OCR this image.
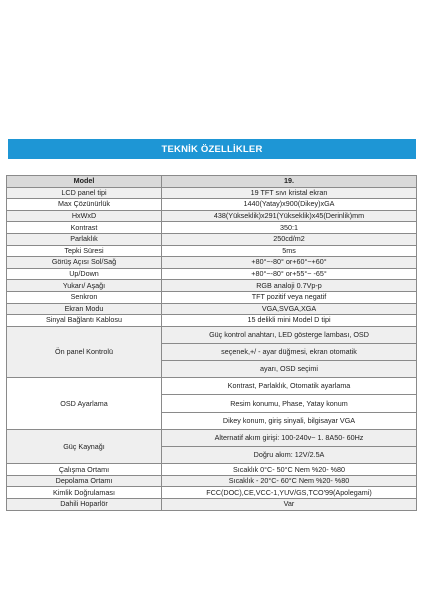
TEKNİK ÖZELLİKLER
Model	19.
LCD panel tipi	19 TFT sıvı kristal ekran
Max Çözünürlük	1440(Yatay)x900(Dikey)xGA
HxWxD	438(Yükseklik)x291(Yükseklik)x45(Derinlik)mm
Kontrast	350:1
Parlaklık	250cd/m2
Tepki Süresi	5ms
Görüş Açısı Sol/Sağ	+80°~-80° or+60°~+60°
Up/Down	+80°~-80° or+55°~ -65°
Yukarı/ Aşağı	RGB analoji 0.7Vp-p
Senkron	TFT pozitif veya negatif
Ekran Modu	VGA,SVGA,XGA
Sinyal Bağlantı Kablosu	15 delikli mini Model D tipi
Ön panel Kontrolü	Güç kontrol anahtarı, LED gösterge lambası, OSD
	seçenek,+/ - ayar düğmesi, ekran otomatik
	ayarı, OSD seçimi
OSD Ayarlama	Kontrast, Parlaklık, Otomatik ayarlama
	Resim konumu, Phase, Yatay konum
	Dikey konum, giriş sinyali, bilgisayar VGA
Güç Kaynağı	Alternatif akım girişi: 100-240v~ 1. 8A50- 60Hz
	Doğru akım: 12V/2.5A
Çalışma Ortamı	Sıcaklık 0°C- 50°C Nem %20- %80
Depolama Ortamı	Sıcaklık - 20°C- 60°C Nem %20- %80
Kimlik Doğrulaması	FCC(DOC),CE,VCC-1,YUV/GS,TCO'99(Apolegami)
Dahili Hoparlör	Var
